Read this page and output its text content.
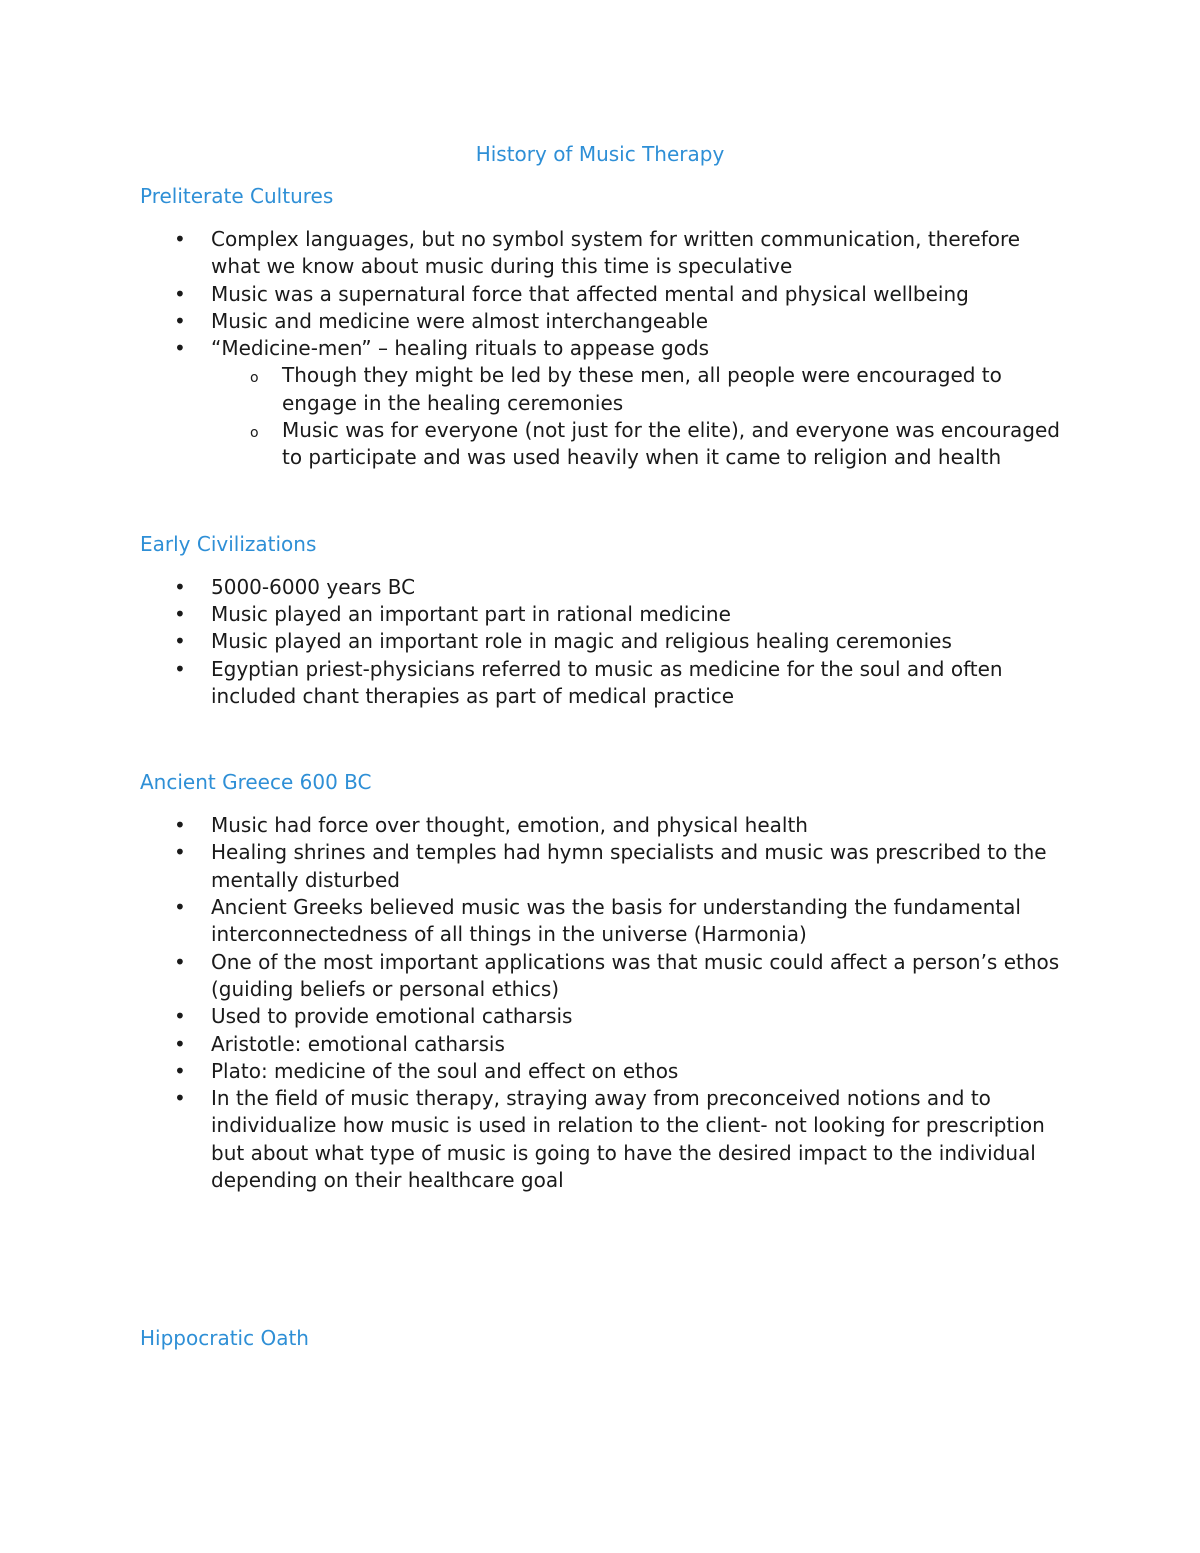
History of Music Therapy
Preliterate Cultures
• Complex languages, but no symbol system for written communication, therefore what we know about music during this time is speculative
• Music was a supernatural force that affected mental and physical wellbeing
• Music and medicine were almost interchangeable
• “Medicine-men” – healing rituals to appease gods
o Though they might be led by these men, all people were encouraged to engage in the healing ceremonies
o Music was for everyone (not just for the elite), and everyone was encouraged to participate and was used heavily when it came to religion and health
Early Civilizations
• 5000-6000 years BC
• Music played an important part in rational medicine
• Music played an important role in magic and religious healing ceremonies
• Egyptian priest-physicians referred to music as medicine for the soul and often included chant therapies as part of medical practice
Ancient Greece 600 BC
• Music had force over thought, emotion, and physical health
• Healing shrines and temples had hymn specialists and music was prescribed to the mentally disturbed
• Ancient Greeks believed music was the basis for understanding the fundamental interconnectedness of all things in the universe (Harmonia)
• One of the most important applications was that music could affect a person’s ethos (guiding beliefs or personal ethics)
• Used to provide emotional catharsis
• Aristotle: emotional catharsis
• Plato: medicine of the soul and effect on ethos
• In the field of music therapy, straying away from preconceived notions and to individualize how music is used in relation to the client- not looking for prescription but about what type of music is going to have the desired impact to the individual depending on their healthcare goal
Hippocratic Oath
